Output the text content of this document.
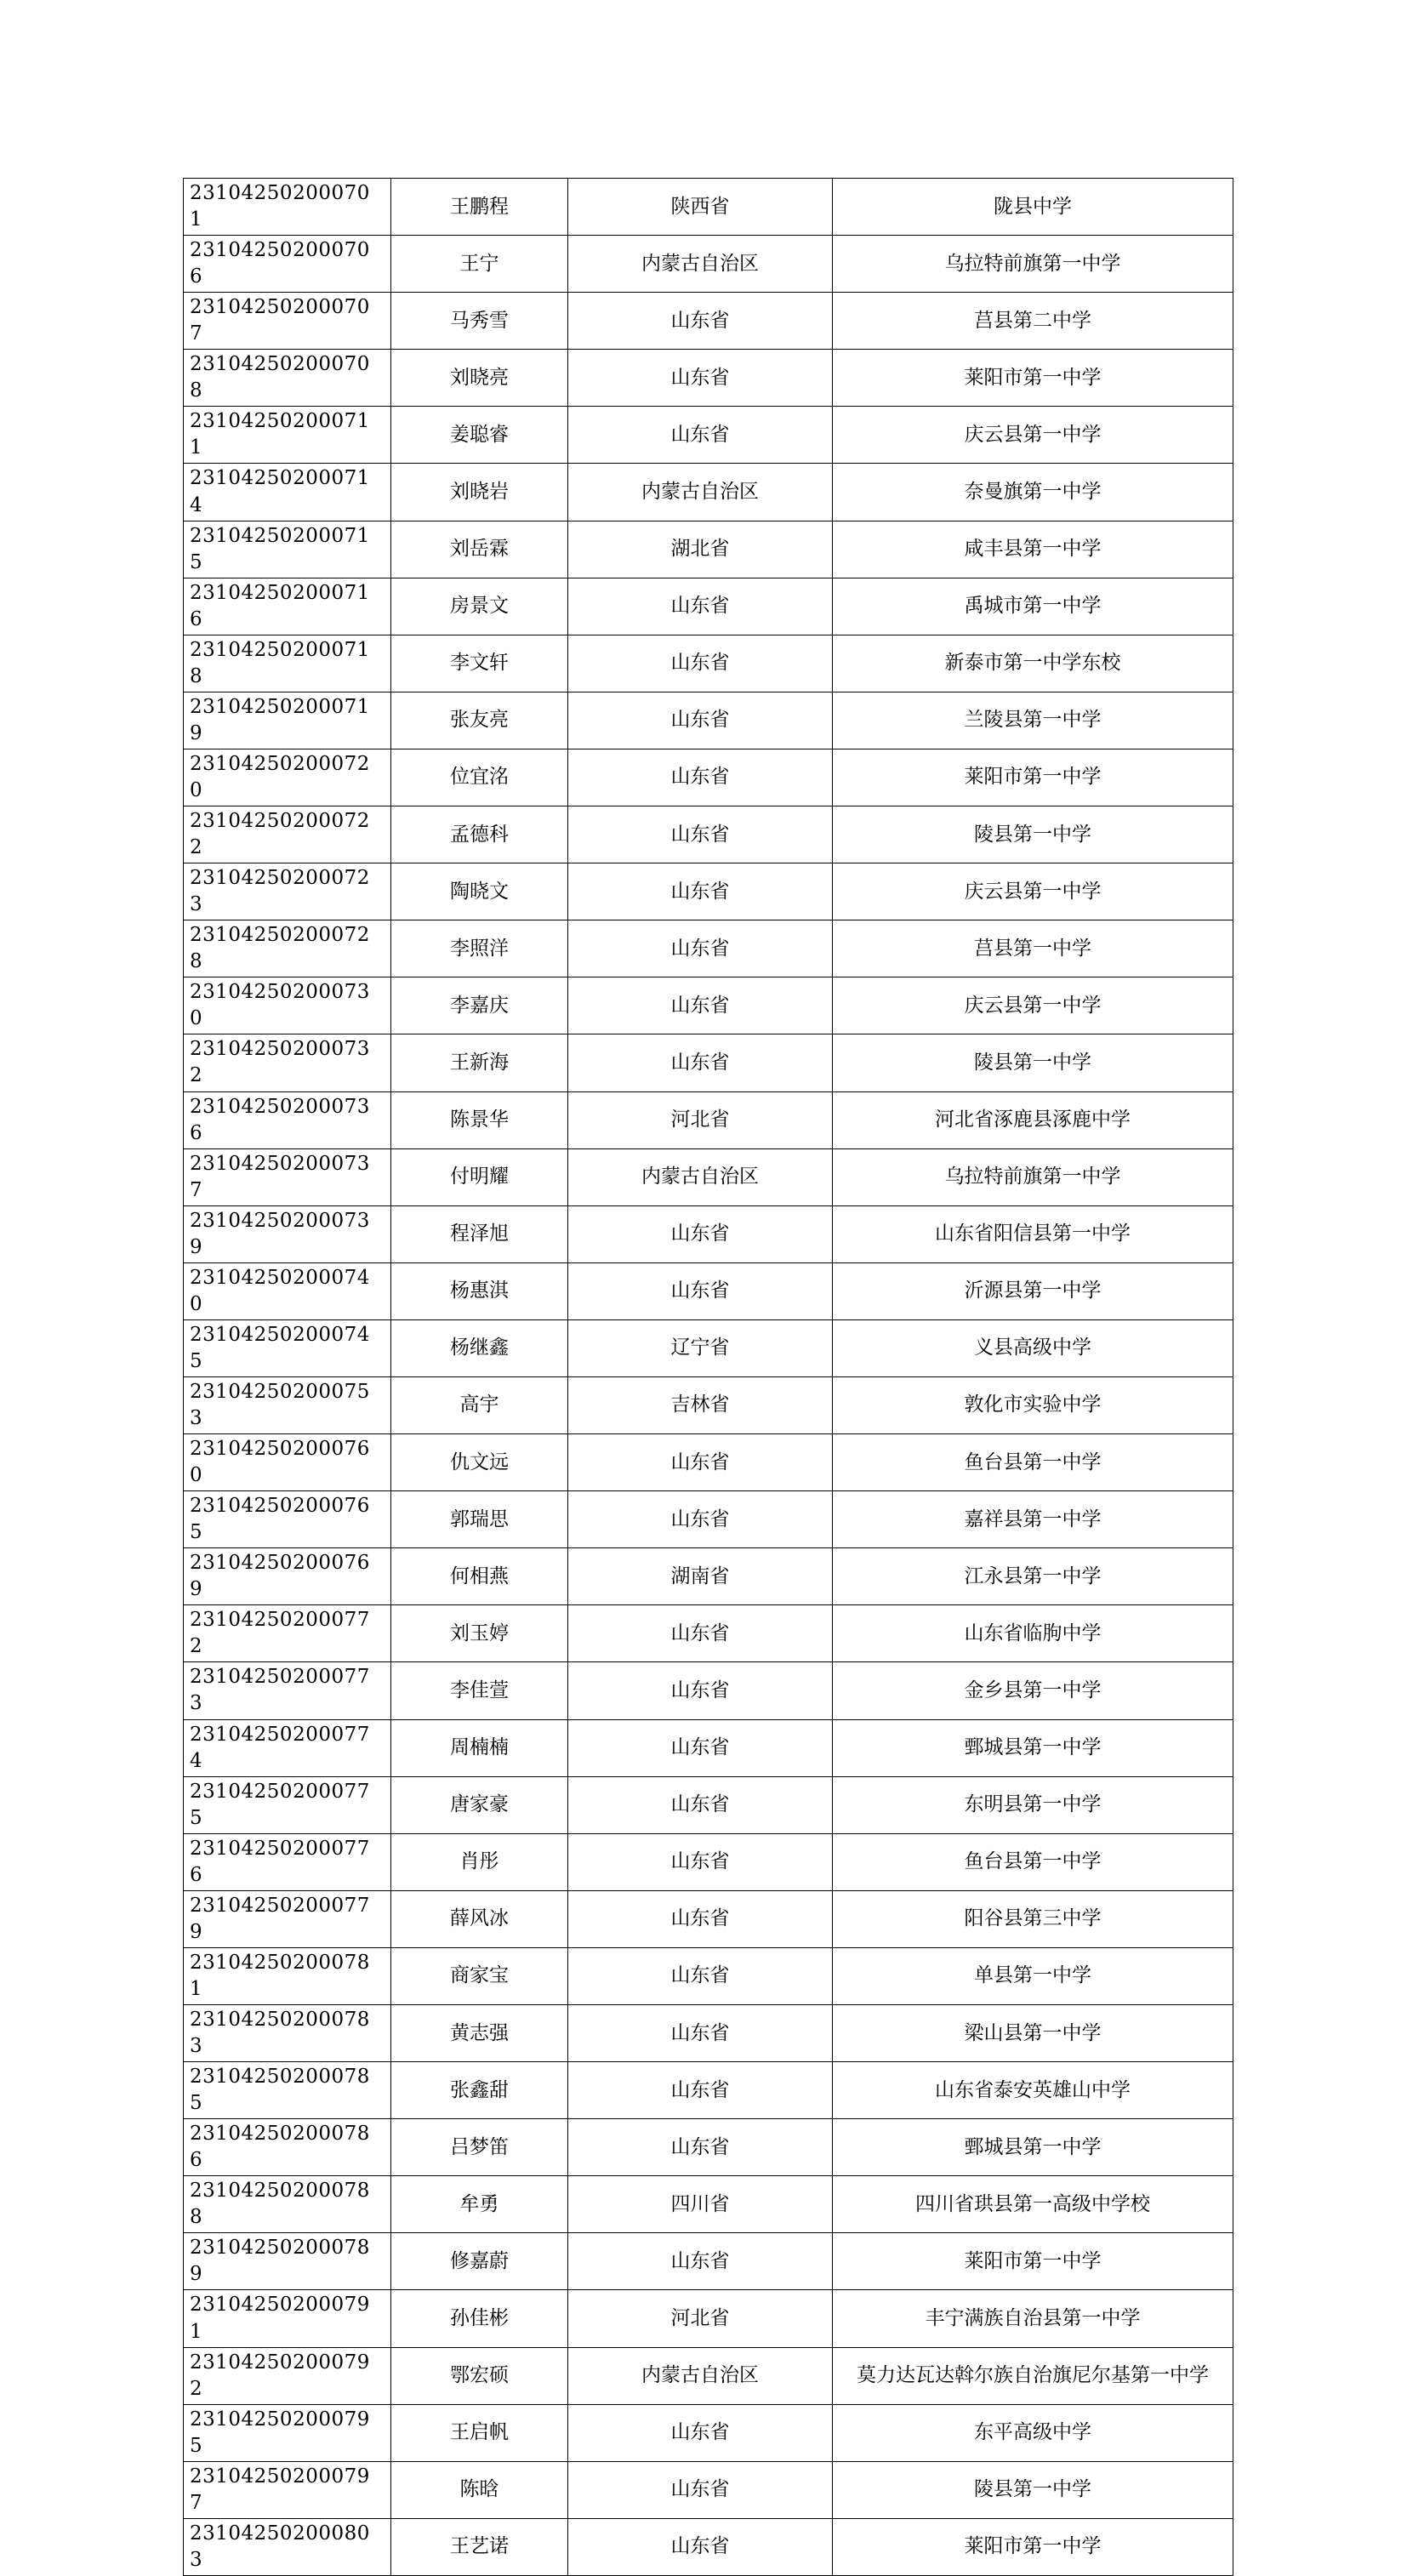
231042502000701	王鹏程	陕西省	陇县中学
231042502000706	王宁	内蒙古自治区	乌拉特前旗第一中学
231042502000707	马秀雪	山东省	莒县第二中学
231042502000708	刘晓亮	山东省	莱阳市第一中学
231042502000711	姜聪睿	山东省	庆云县第一中学
231042502000714	刘晓岩	内蒙古自治区	奈曼旗第一中学
231042502000715	刘岳霖	湖北省	咸丰县第一中学
231042502000716	房景文	山东省	禹城市第一中学
231042502000718	李文轩	山东省	新泰市第一中学东校
231042502000719	张友亮	山东省	兰陵县第一中学
231042502000720	位宜洺	山东省	莱阳市第一中学
231042502000722	孟德科	山东省	陵县第一中学
231042502000723	陶晓文	山东省	庆云县第一中学
231042502000728	李照洋	山东省	莒县第一中学
231042502000730	李嘉庆	山东省	庆云县第一中学
231042502000732	王新海	山东省	陵县第一中学
231042502000736	陈景华	河北省	河北省涿鹿县涿鹿中学
231042502000737	付明耀	内蒙古自治区	乌拉特前旗第一中学
231042502000739	程泽旭	山东省	山东省阳信县第一中学
231042502000740	杨惠淇	山东省	沂源县第一中学
231042502000745	杨继鑫	辽宁省	义县高级中学
231042502000753	高宇	吉林省	敦化市实验中学
231042502000760	仇文远	山东省	鱼台县第一中学
231042502000765	郭瑞思	山东省	嘉祥县第一中学
231042502000769	何相燕	湖南省	江永县第一中学
231042502000772	刘玉婷	山东省	山东省临朐中学
231042502000773	李佳萱	山东省	金乡县第一中学
231042502000774	周楠楠	山东省	鄄城县第一中学
231042502000775	唐家豪	山东省	东明县第一中学
231042502000776	肖彤	山东省	鱼台县第一中学
231042502000779	薛风冰	山东省	阳谷县第三中学
231042502000781	商家宝	山东省	单县第一中学
231042502000783	黄志强	山东省	梁山县第一中学
231042502000785	张鑫甜	山东省	山东省泰安英雄山中学
231042502000786	吕梦笛	山东省	鄄城县第一中学
231042502000788	牟勇	四川省	四川省珙县第一高级中学校
231042502000789	修嘉蔚	山东省	莱阳市第一中学
231042502000791	孙佳彬	河北省	丰宁满族自治县第一中学
231042502000792	鄂宏硕	内蒙古自治区	莫力达瓦达斡尔族自治旗尼尔基第一中学
231042502000795	王启帆	山东省	东平高级中学
231042502000797	陈晗	山东省	陵县第一中学
231042502000803	王艺诺	山东省	莱阳市第一中学
